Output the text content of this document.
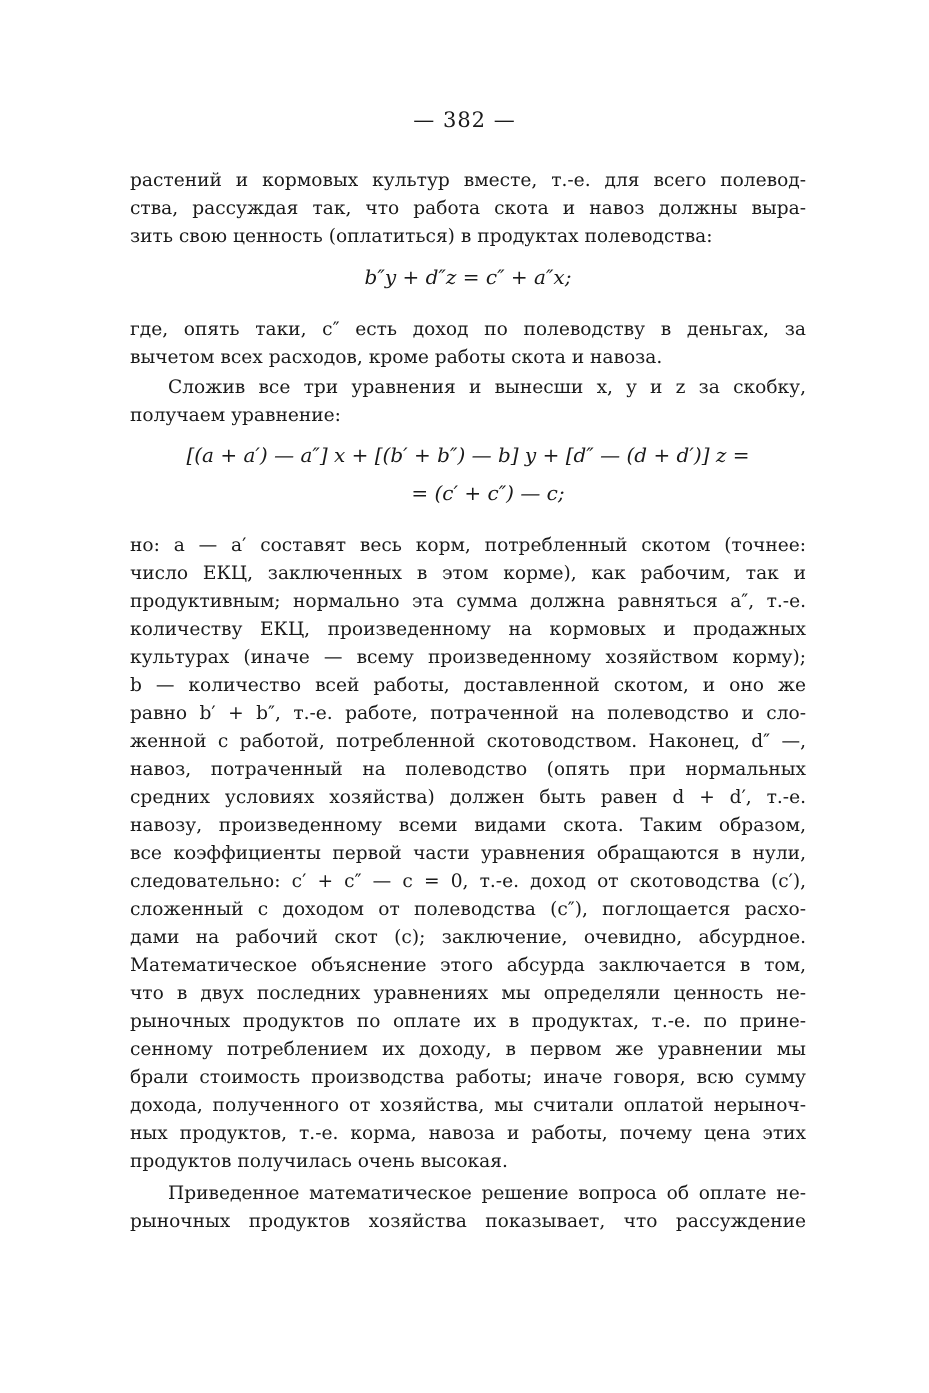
— 382 —
растений и кормовых культур вместе, т.-е. для всего полевод-
ства, рассуждая так, что работа скота и навоз должны выра-
зить свою ценность (оплатиться) в продуктах полеводства:
b″y + d″z = c″ + a″x;
где, опять таки, c″ есть доход по полеводству в деньгах, за
вычетом всех расходов, кроме работы скота и навоза.
Сложив все три уравнения и вынесши x, y и z за скобку,
получаем уравнение:
[(a + a′) — a″] x + [(b′ + b″) — b] y + [d″ — (d + d′)] z =
= (c′ + c″) — c;
но: a — a′ составят весь корм, потребленный скотом (точнее:
число ЕКЦ, заключенных в этом корме), как рабочим, так и
продуктивным; нормально эта сумма должна равняться a″, т.-е.
количеству ЕКЦ, произведенному на кормовых и продажных
культурах (иначе — всему произведенному хозяйством корму);
b — количество всей работы, доставленной скотом, и оно же
равно b′ + b″, т.-е. работе, потраченной на полеводство и сло-
женной с работой, потребленной скотоводством. Наконец, d″ —,
навоз, потраченный на полеводство (опять при нормальных
средних условиях хозяйства) должен быть равен d + d′, т.-е.
навозу, произведенному всеми видами скота. Таким образом,
все коэффициенты первой части уравнения обращаются в нули,
следовательно: c′ + c″ — c = 0, т.-е. доход от скотоводства (c′),
сложенный с доходом от полеводства (c″), поглощается расхо-
дами на рабочий скот (c); заключение, очевидно, абсурдное.
Математическое объяснение этого абсурда заключается в том,
что в двух последних уравнениях мы определяли ценность не-
рыночных продуктов по оплате их в продуктах, т.-е. по прине-
сенному потреблением их доходу, в первом же уравнении мы
брали стоимость производства работы; иначе говоря, всю сумму
дохода, полученного от хозяйства, мы считали оплатой нерыноч-
ных продуктов, т.-е. корма, навоза и работы, почему цена этих
продуктов получилась очень высокая.
Приведенное математическое решение вопроса об оплате не-
рыночных продуктов хозяйства показывает, что рассуждение
